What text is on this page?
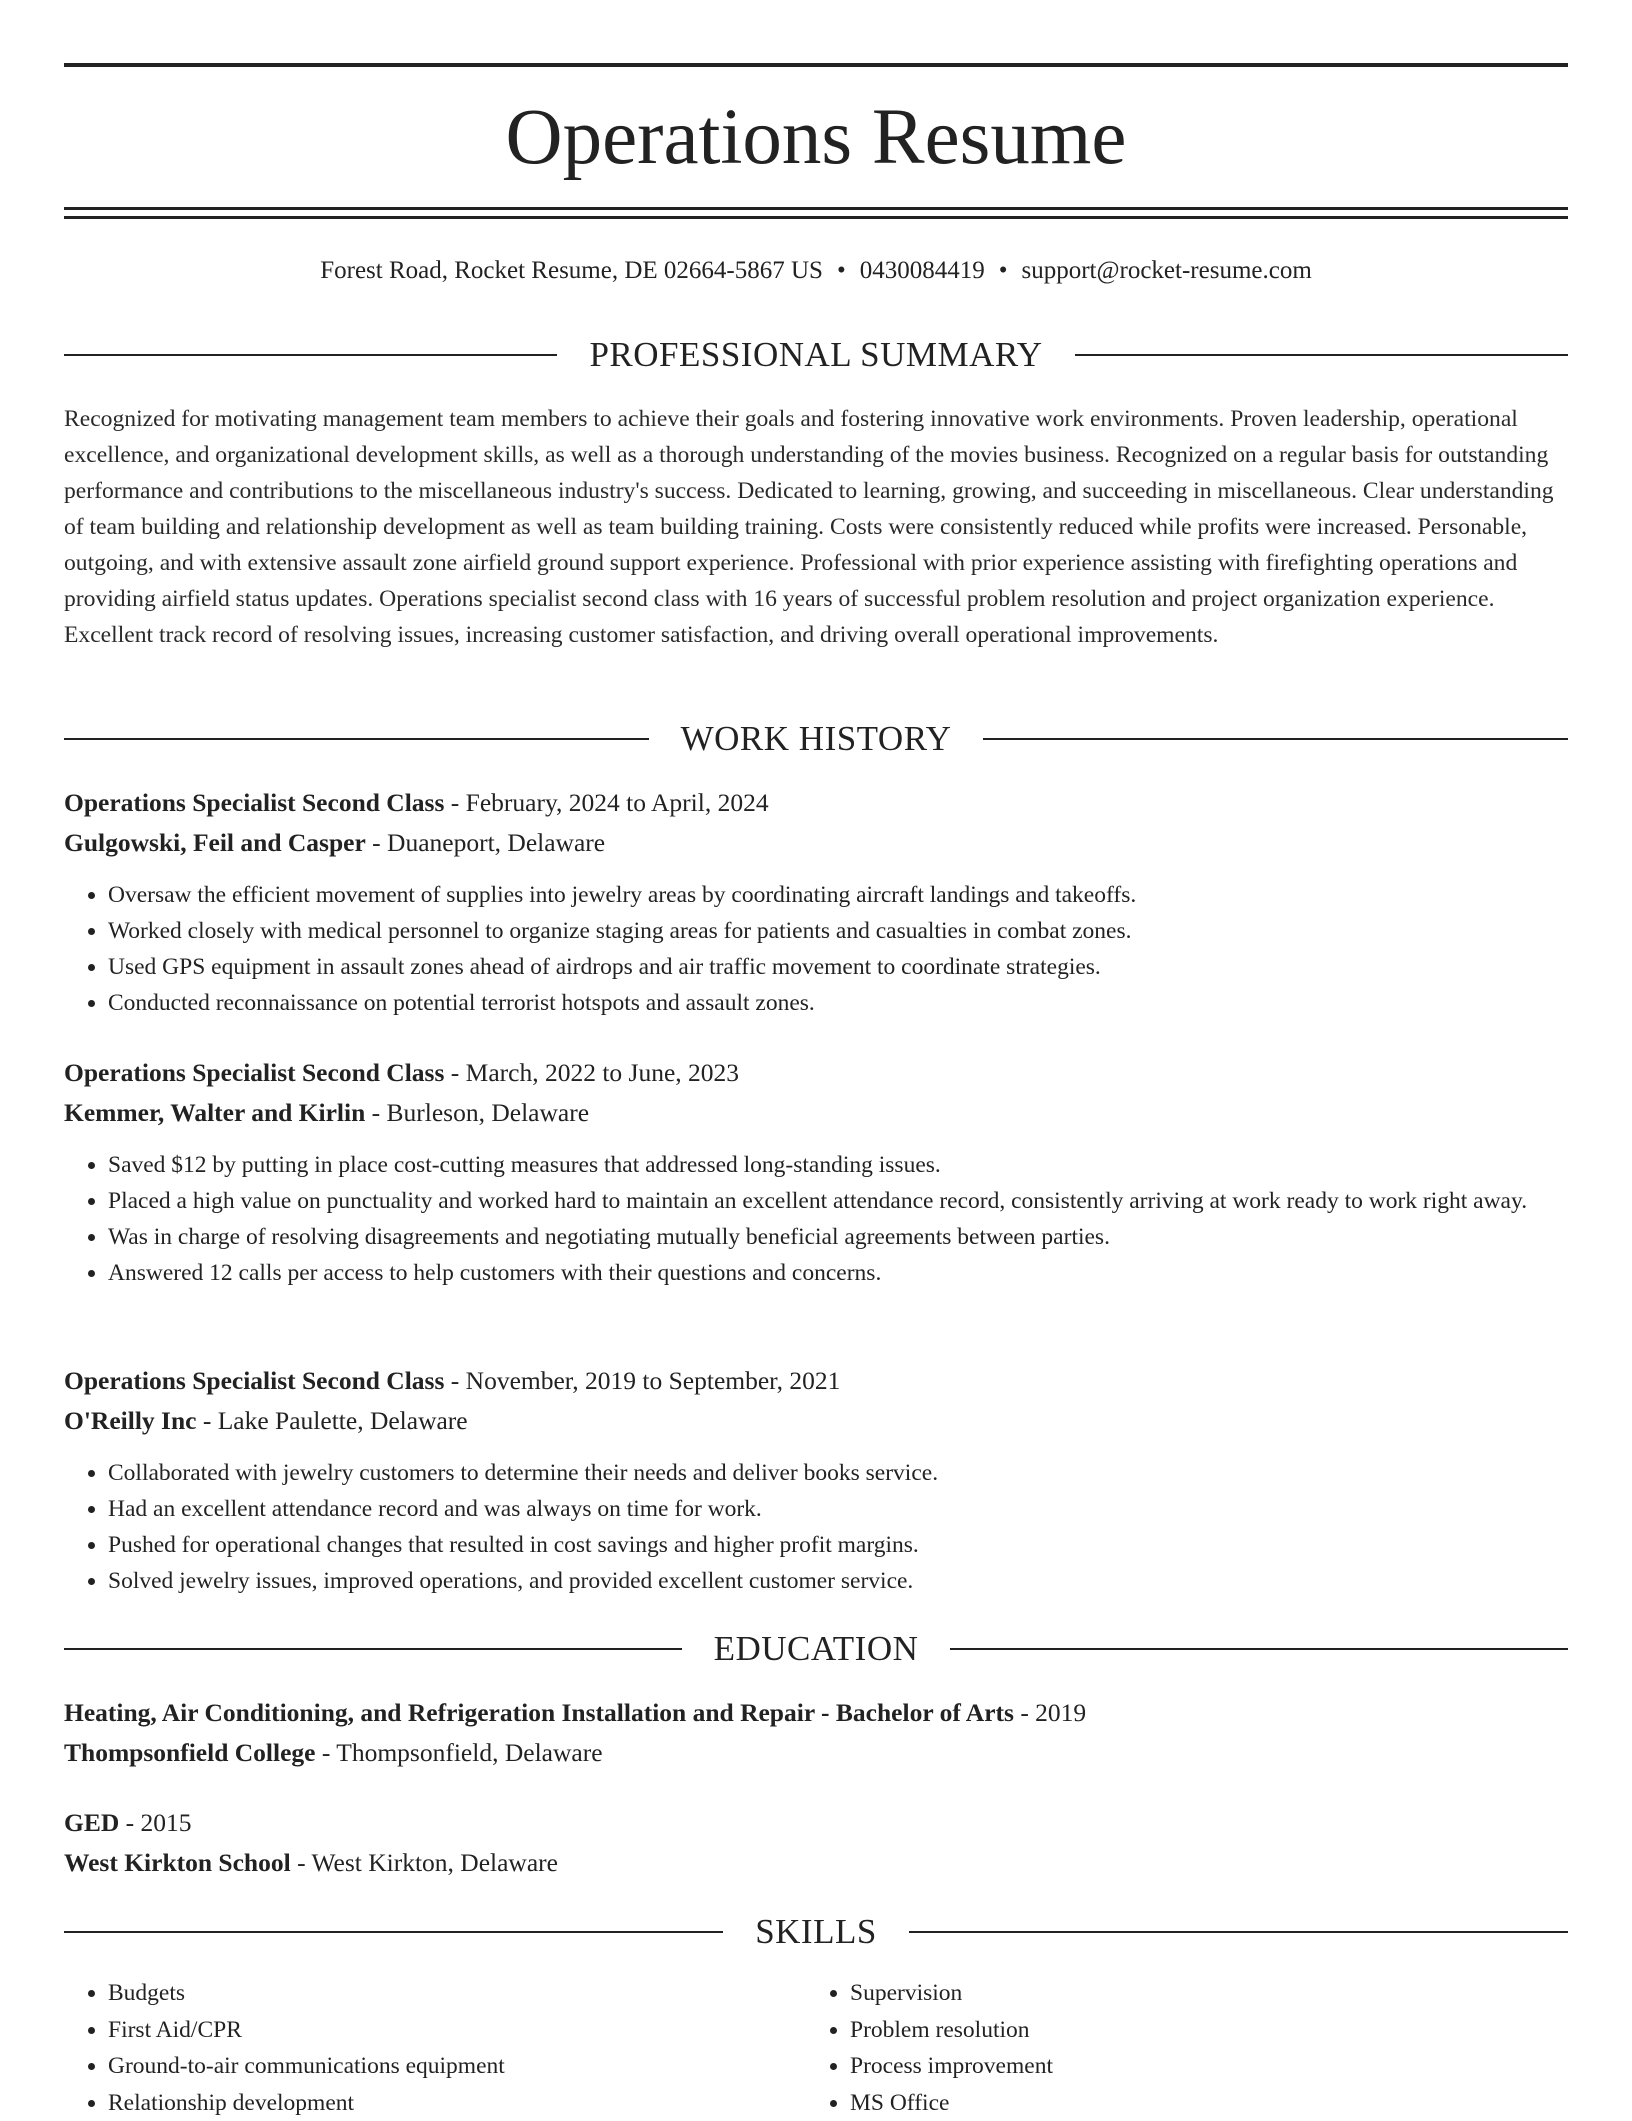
Operations Resume
Forest Road, Rocket Resume, DE 02664-5867 US • 0430084419 • support@rocket-resume.com
PROFESSIONAL SUMMARY

Recognized for motivating management team members to achieve their goals and fostering innovative work environments. Proven leadership, operational excellence, and organizational development skills, as well as a thorough understanding of the movies business. Recognized on a regular basis for outstanding performance and contributions to the miscellaneous industry's success. Dedicated to learning, growing, and succeeding in miscellaneous. Clear understanding of team building and relationship development as well as team building training. Costs were consistently reduced while profits were increased. Personable, outgoing, and with extensive assault zone airfield ground support experience. Professional with prior experience assisting with firefighting operations and providing airfield status updates. Operations specialist second class with 16 years of successful problem resolution and project organization experience. Excellent track record of resolving issues, increasing customer satisfaction, and driving overall operational improvements.

WORK HISTORY
Operations Specialist Second Class - February, 2024 to April, 2024
Gulgowski, Feil and Casper - Duaneport, Delaware
• Oversaw the efficient movement of supplies into jewelry areas by coordinating aircraft landings and takeoffs.
• Worked closely with medical personnel to organize staging areas for patients and casualties in combat zones.
• Used GPS equipment in assault zones ahead of airdrops and air traffic movement to coordinate strategies.
• Conducted reconnaissance on potential terrorist hotspots and assault zones.
Operations Specialist Second Class - March, 2022 to June, 2023
Kemmer, Walter and Kirlin - Burleson, Delaware
• Saved $12 by putting in place cost-cutting measures that addressed long-standing issues.
• Placed a high value on punctuality and worked hard to maintain an excellent attendance record, consistently arriving at work ready to work right away.
• Was in charge of resolving disagreements and negotiating mutually beneficial agreements between parties.
• Answered 12 calls per access to help customers with their questions and concerns.
Operations Specialist Second Class - November, 2019 to September, 2021
O'Reilly Inc - Lake Paulette, Delaware
• Collaborated with jewelry customers to determine their needs and deliver books service.
• Had an excellent attendance record and was always on time for work.
• Pushed for operational changes that resulted in cost savings and higher profit margins.
• Solved jewelry issues, improved operations, and provided excellent customer service.
EDUCATION
Heating, Air Conditioning, and Refrigeration Installation and Repair - Bachelor of Arts - 2019
Thompsonfield College - Thompsonfield, Delaware
GED - 2015
West Kirkton School - West Kirkton, Delaware
SKILLS
• Budgets
• First Aid/CPR
• Ground-to-air communications equipment
• Relationship development
• Supervision
• Problem resolution
• Process improvement
• MS Office
